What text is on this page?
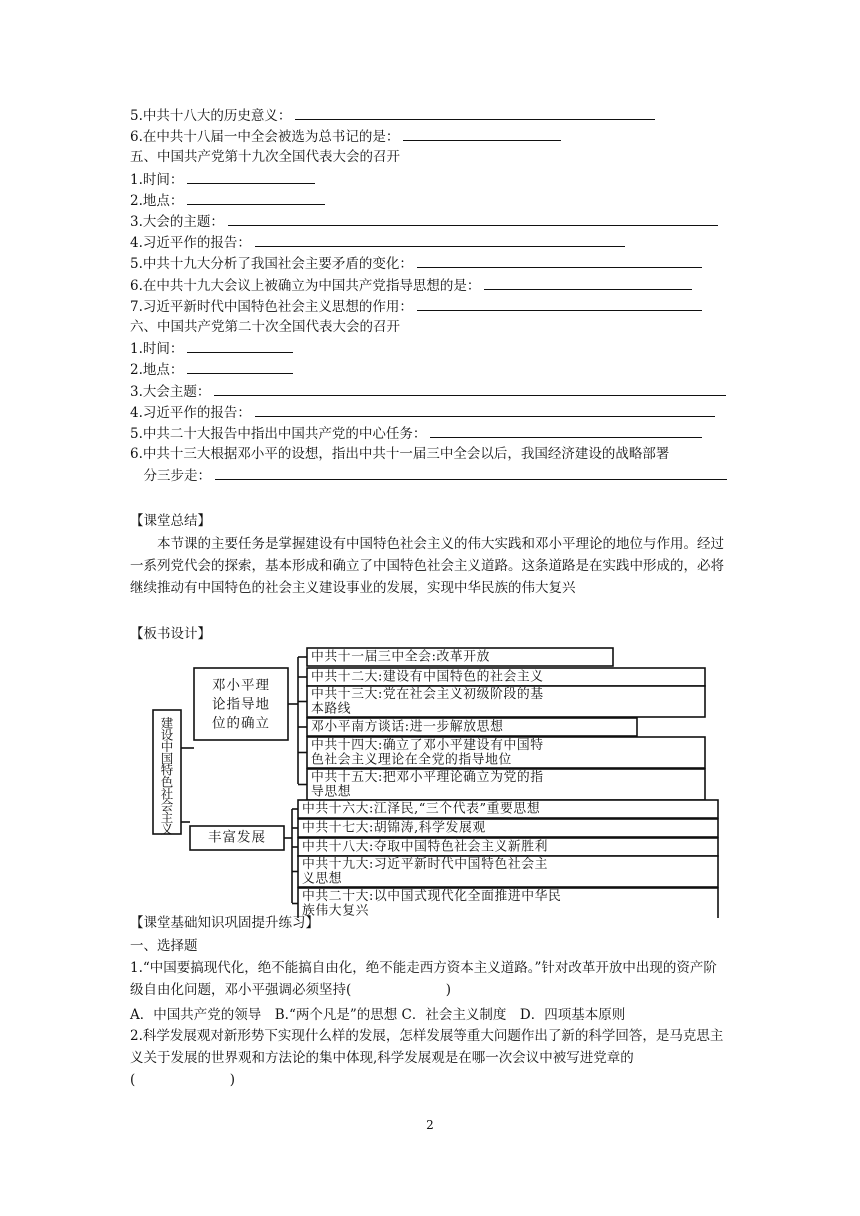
5.中共十八大的历史意义：
6.在中共十八届一中全会被选为总书记的是：
五、中国共产党第十九次全国代表大会的召开
1.时间：
2.地点：
3.大会的主题：
4.习近平作的报告：
5.中共十九大分析了我国社会主要矛盾的变化：
6.在中共十九大会议上被确立为中国共产党指导思想的是：
7.习近平新时代中国特色社会主义思想的作用：
六、中国共产党第二十次全国代表大会的召开
1.时间：
2.地点：
3.大会主题：
4.习近平作的报告：
5.中共二十大报告中指出中国共产党的中心任务：
6.中共十三大根据邓小平的设想，指出中共十一届三中全会以后，我国经济建设的战略部署
　分三步走：
【课堂总结】
本节课的主要任务是掌握建设有中国特色社会主义的伟大实践和邓小平理论的地位与作用。经过一系列党代会的探索，基本形成和确立了中国特色社会主义道路。这条道路是在实践中形成的，必将继续推动有中国特色的社会主义建设事业的发展，实现中华民族的伟大复兴
【板书设计】
建
设
中
国
特
色
社
会
主
义
邓小平理
论指导地
位的确立
丰富发展
中共十一届三中全会:改革开放
中共十二大:建设有中国特色的社会主义
中共十三大:党在社会主义初级阶段的基
本路线
邓小平南方谈话:进一步解放思想
中共十四大:确立了邓小平建设有中国特
色社会主义理论在全党的指导地位
中共十五大:把邓小平理论确立为党的指
导思想
中共十六大:江泽民,“三个代表”重要思想
中共十七大:胡锦涛,科学发展观
中共十八大:夺取中国特色社会主义新胜利
中共十九大:习近平新时代中国特色社会主
义思想
中共二十大:以中国式现代化全面推进中华民
族伟大复兴
【课堂基础知识巩固提升练习】
一、选择题
1.“中国要搞现代化，绝不能搞自由化，绝不能走西方资本主义道路。”针对改革开放中出现的资产阶级自由化问题，邓小平强调必须坚持(　　　　　　　)
A．中国共产党的领导　B.“两个凡是”的思想 C．社会主义制度　D．四项基本原则
2.科学发展观对新形势下实现什么样的发展，怎样发展等重大问题作出了新的科学回答，是马克思主义关于发展的世界观和方法论的集中体现,科学发展观是在哪一次会议中被写进党章的(　　　　　　　)
2
